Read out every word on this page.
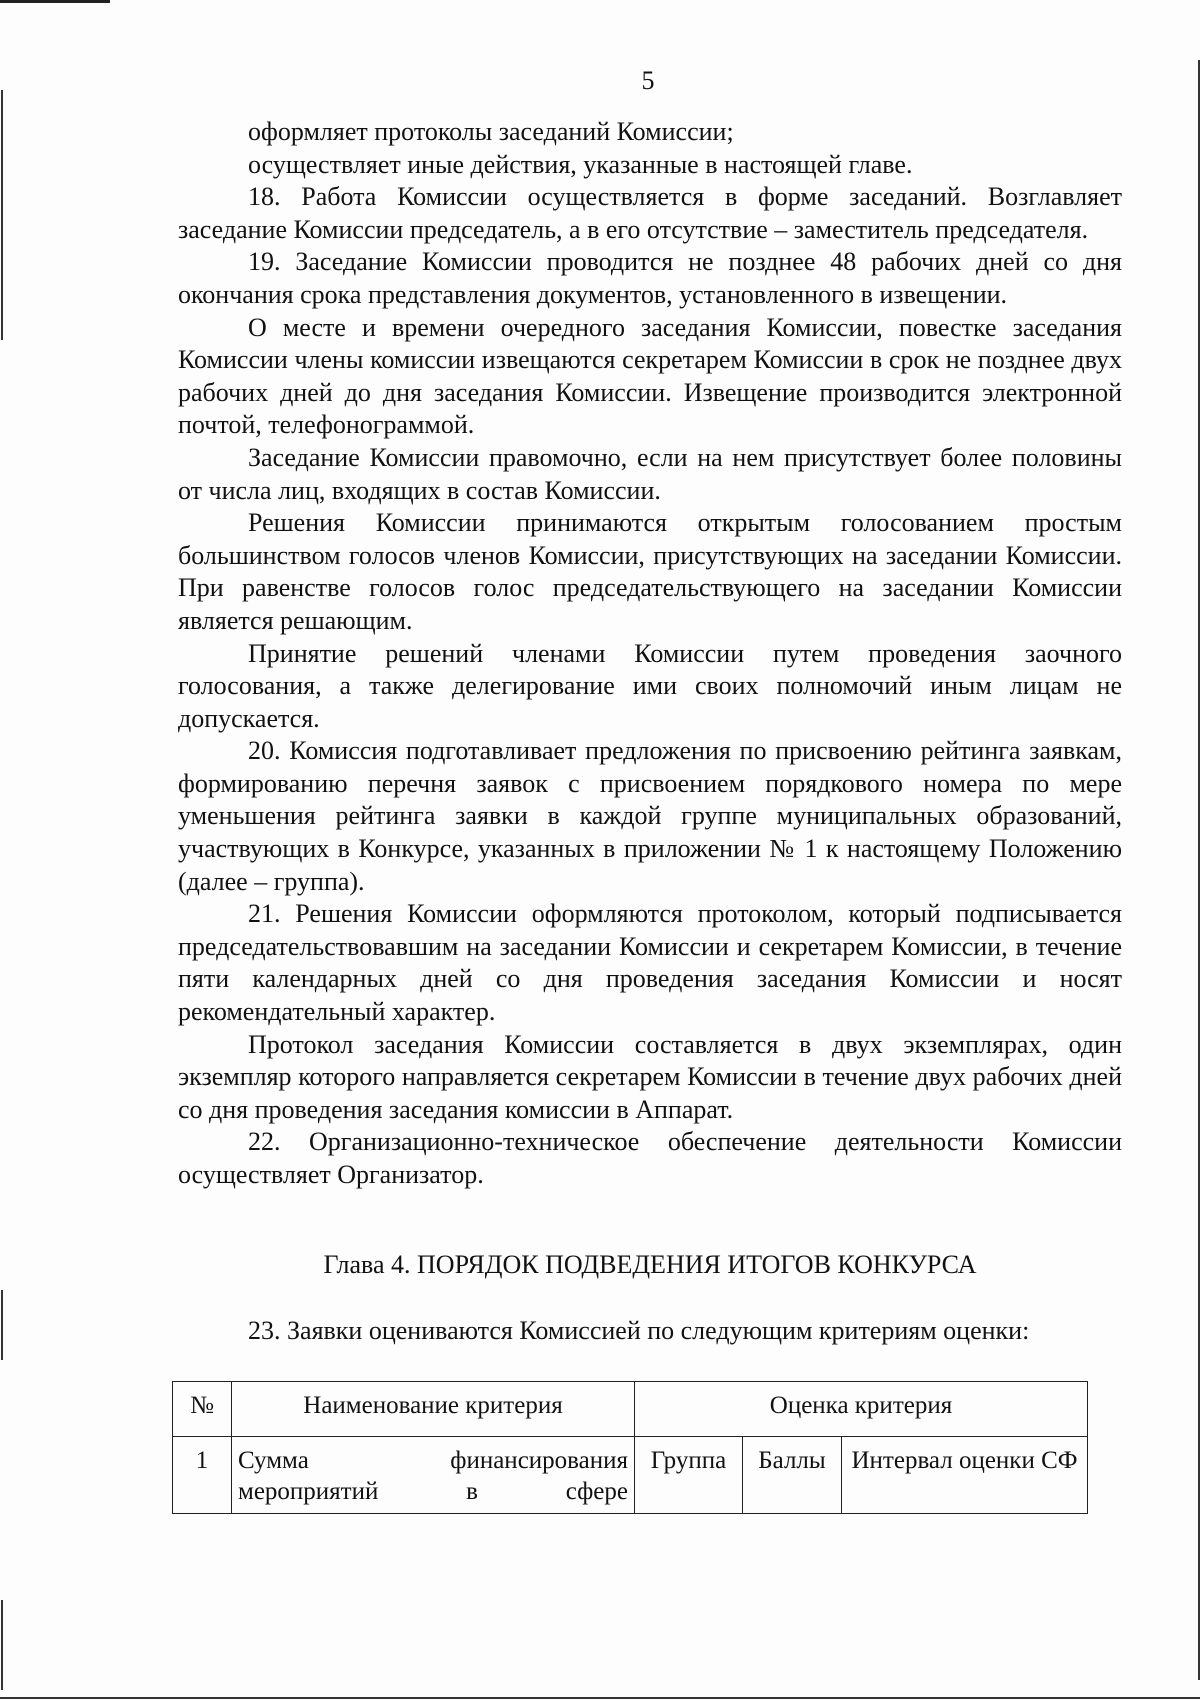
5

оформляет протоколы заседаний Комиссии;

осуществляет иные действия, указанные в настоящей главе.

18. Работа Комиссии осуществляется в форме заседаний. Возглавляет заседание Комиссии председатель, а в его отсутствие – заместитель председателя.

19. Заседание Комиссии проводится не позднее 48 рабочих дней со дня окончания срока представления документов, установленного в извещении.

О месте и времени очередного заседания Комиссии, повестке заседания Комиссии члены комиссии извещаются секретарем Комиссии в срок не позднее двух рабочих дней до дня заседания Комиссии. Извещение производится электронной почтой, телефонограммой.

Заседание Комиссии правомочно, если на нем присутствует более половины от числа лиц, входящих в состав Комиссии.

Решения Комиссии принимаются открытым голосованием простым большинством голосов членов Комиссии, присутствующих на заседании Комиссии. При равенстве голосов голос председательствующего на заседании Комиссии является решающим.

Принятие решений членами Комиссии путем проведения заочного голосования, а также делегирование ими своих полномочий иным лицам не допускается.

20. Комиссия подготавливает предложения по присвоению рейтинга заявкам, формированию перечня заявок с присвоением порядкового номера по мере уменьшения рейтинга заявки в каждой группе муниципальных образований, участвующих в Конкурсе, указанных в приложении № 1 к настоящему Положению (далее – группа).

21. Решения Комиссии оформляются протоколом, который подписывается председательствовавшим на заседании Комиссии и секретарем Комиссии, в течение пяти календарных дней со дня проведения заседания Комиссии и носят рекомендательный характер.

Протокол заседания Комиссии составляется в двух экземплярах, один экземпляр которого направляется секретарем Комиссии в течение двух рабочих дней со дня проведения заседания комиссии в Аппарат.

22. Организационно-техническое обеспечение деятельности Комиссии осуществляет Организатор.

Глава 4. ПОРЯДОК ПОДВЕДЕНИЯ ИТОГОВ КОНКУРСА
23. Заявки оцениваются Комиссией по следующим критериям оценки:
№	Наименование критерия	Оценка критерия		
1	Сумма финансирования мероприятий в сфере	Группа	Баллы	Интервал оценки СФ
